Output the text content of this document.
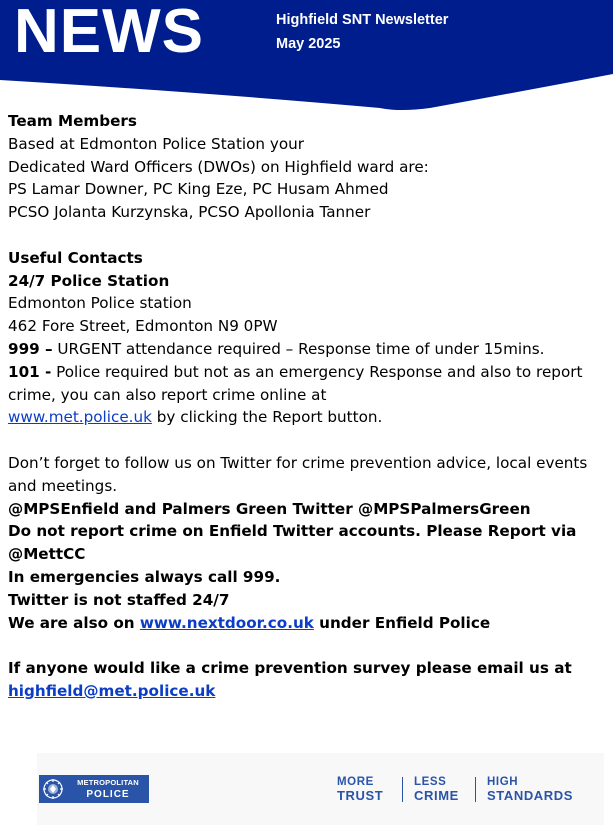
NEWS	Highfield SNT Newsletter
May 2025

Team Members

Based at Edmonton Police Station your

Dedicated Ward Officers (DWOs) on Highfield ward are:

PS Lamar Downer, PC King Eze, PC Husam Ahmed

PCSO Jolanta Kurzynska, PCSO Apollonia Tanner

Useful Contacts

24/7 Police Station

Edmonton Police station

462 Fore Street, Edmonton N9 0PW

999 – URGENT attendance required – Response time of under 15mins.

101 - Police required but not as an emergency Response and also to report crime, you can also report crime online at

www.met.police.uk by clicking the Report button.

Don’t forget to follow us on Twitter for crime prevention advice, local events and meetings.

@MPSEnfield and Palmers Green Twitter @MPSPalmersGreen

Do not report crime on Enfield Twitter accounts. Please Report via @MettCC

In emergencies always call 999.

Twitter is not staffed 24/7

We are also on www.nextdoor.co.uk under Enfield Police

If anyone would like a crime prevention survey please email us at

highfield@met.police.uk

METROPOLITAN
POLICE
MORE
TRUST
LESS
CRIME
HIGH
STANDARDS
